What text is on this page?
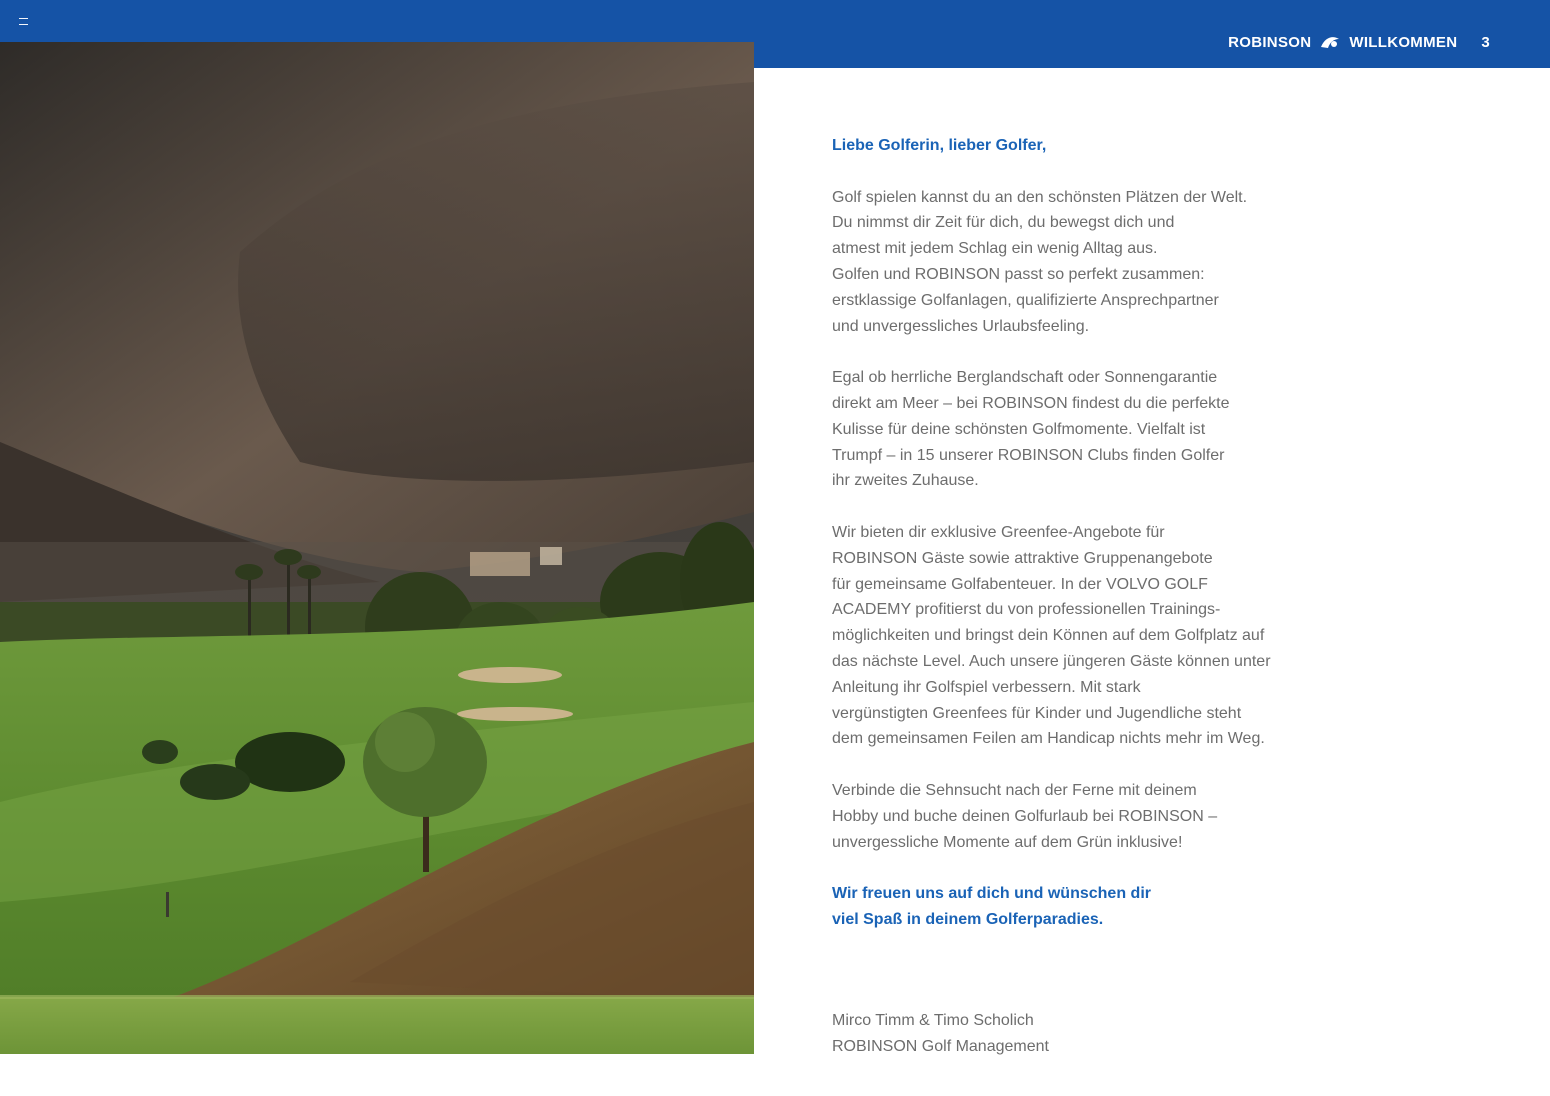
ROBINSON	WILLKOMMEN 3

Liebe Golferin, lieber Golfer,

Golf spielen kannst du an den schönsten Plätzen der Welt.
Du nimmst dir Zeit für dich, du bewegst dich und
atmest mit jedem Schlag ein wenig Alltag aus.
Golfen und ROBINSON passt so perfekt zusammen:
erstklassige Golfanlagen, qualifizierte Ansprechpartner
und unvergessliches Urlaubsfeeling.

Egal ob herrliche Berglandschaft oder Sonnengarantie
direkt am Meer – bei ROBINSON findest du die perfekte
Kulisse für deine schönsten Golfmomente. Vielfalt ist
Trumpf – in 15 unserer ROBINSON Clubs finden Golfer
ihr zweites Zuhause.

Wir bieten dir exklusive Greenfee-Angebote für
ROBINSON Gäste sowie attraktive Gruppenangebote
für gemeinsame Golfabenteuer. In der VOLVO GOLF
ACADEMY profitierst du von professionellen Trainings-
möglichkeiten und bringst dein Können auf dem Golfplatz auf
das nächste Level. Auch unsere jüngeren Gäste können unter
Anleitung ihr Golfspiel verbessern. Mit stark
vergünstigten Greenfees für Kinder und Jugendliche steht
dem gemeinsamen Feilen am Handicap nichts mehr im Weg.

Verbinde die Sehnsucht nach der Ferne mit deinem
Hobby und buche deinen Golfurlaub bei ROBINSON –
unvergessliche Momente auf dem Grün inklusive!

Wir freuen uns auf dich und wünschen dir
viel Spaß in deinem Golferparadies.

Mirco Timm & Timo Scholich
ROBINSON Golf Management
